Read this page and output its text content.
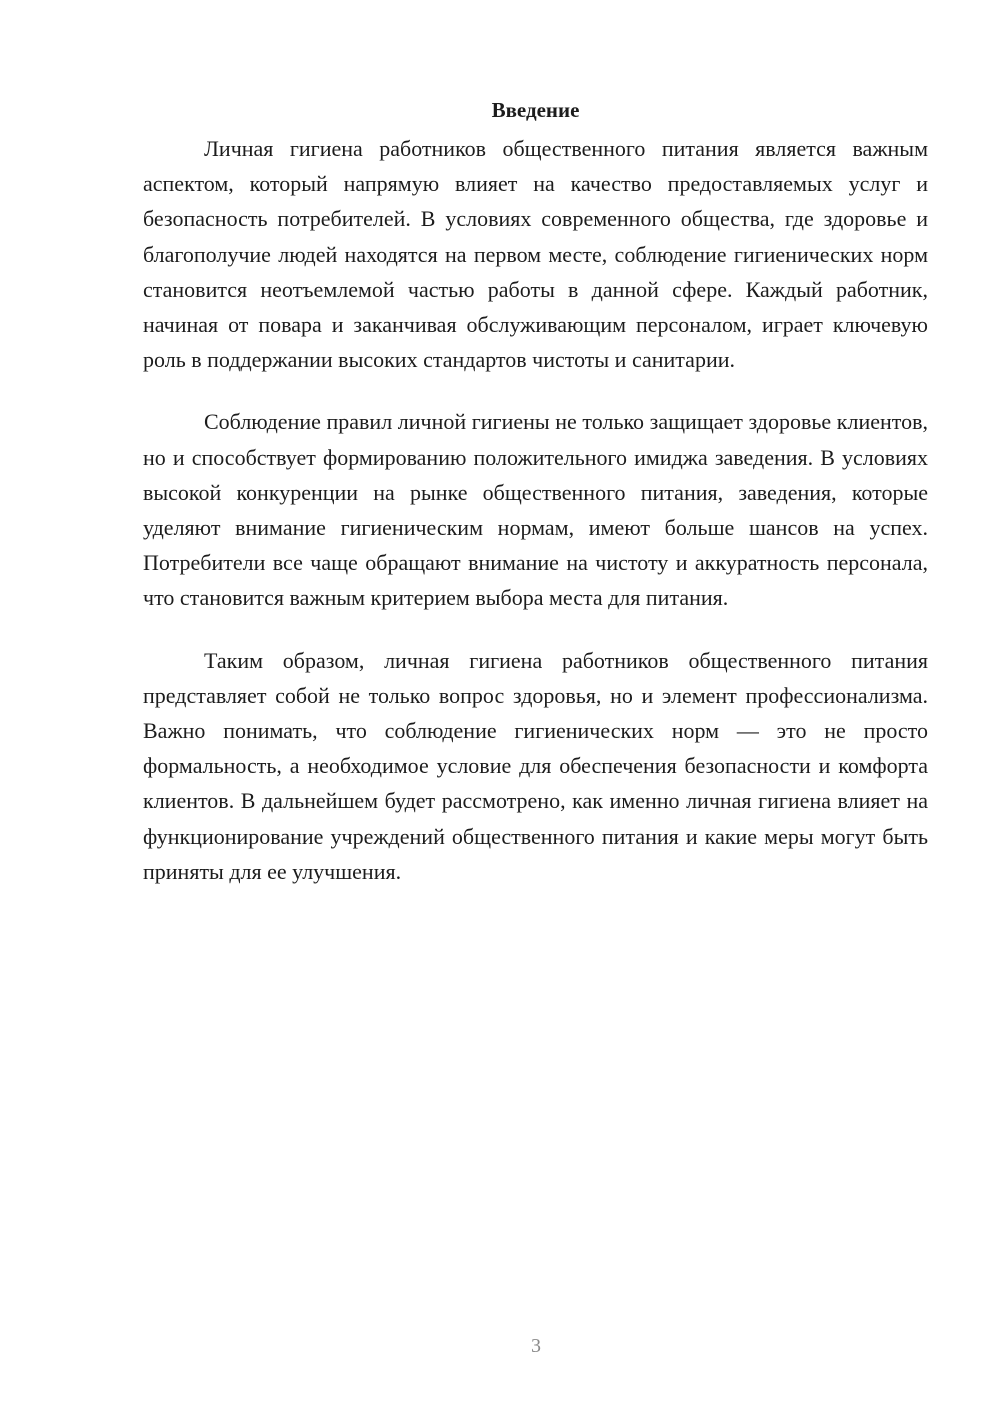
Введение

Личная гигиена работников общественного питания является важным аспектом, который напрямую влияет на качество предоставляемых услуг и безопасность потребителей. В условиях современного общества, где здоровье и благополучие людей находятся на первом месте, соблюдение гигиенических норм становится неотъемлемой частью работы в данной сфере. Каждый работник, начиная от повара и заканчивая обслуживающим персоналом, играет ключевую роль в поддержании высоких стандартов чистоты и санитарии.

Соблюдение правил личной гигиены не только защищает здоровье клиентов, но и способствует формированию положительного имиджа заведения. В условиях высокой конкуренции на рынке общественного питания, заведения, которые уделяют внимание гигиеническим нормам, имеют больше шансов на успех. Потребители все чаще обращают внимание на чистоту и аккуратность персонала, что становится важным критерием выбора места для питания.

Таким образом, личная гигиена работников общественного питания представляет собой не только вопрос здоровья, но и элемент профессионализма. Важно понимать, что соблюдение гигиенических норм — это не просто формальность, а необходимое условие для обеспечения безопасности и комфорта клиентов. В дальнейшем будет рассмотрено, как именно личная гигиена влияет на функционирование учреждений общественного питания и какие меры могут быть приняты для ее улучшения.

3
